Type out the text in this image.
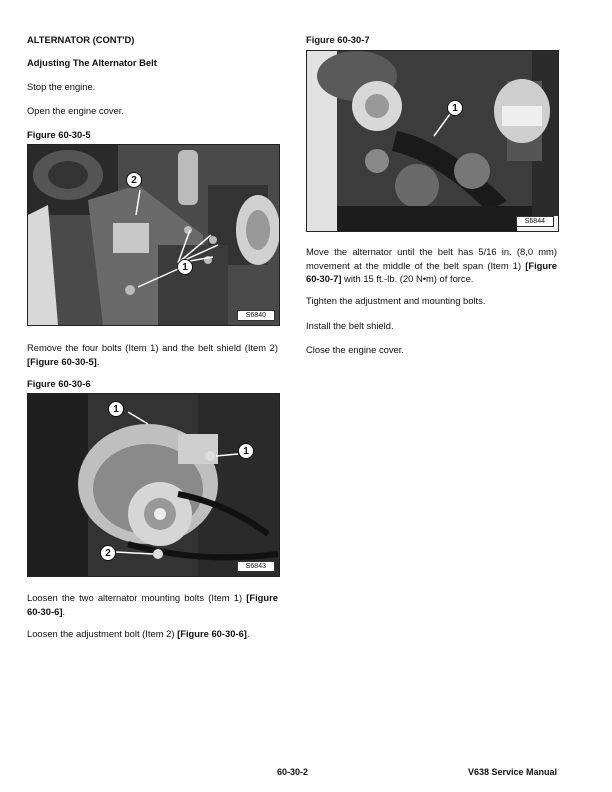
ALTERNATOR (CONT'D)
Adjusting The Alternator Belt
Stop the engine.
Open the engine cover.
Figure 60-30-5
2
1
S6840
Remove the four bolts (Item 1) and the belt shield (Item 2) [Figure 60-30-5].
Figure 60-30-6
1
1
2
S6843
Loosen the two alternator mounting bolts (Item 1) [Figure 60-30-6].
Loosen the adjustment bolt (Item 2) [Figure 60-30-6].
Figure 60-30-7
1
S6844
Move the alternator until the belt has 5/16 in. (8,0 mm) movement at the middle of the belt span (Item 1) [Figure 60-30-7] with 15 ft.-lb. (20 N•m) of force.
Tighten the adjustment and mounting bolts.
Install the belt shield.
Close the engine cover.
60-30-2	V638 Service Manual
